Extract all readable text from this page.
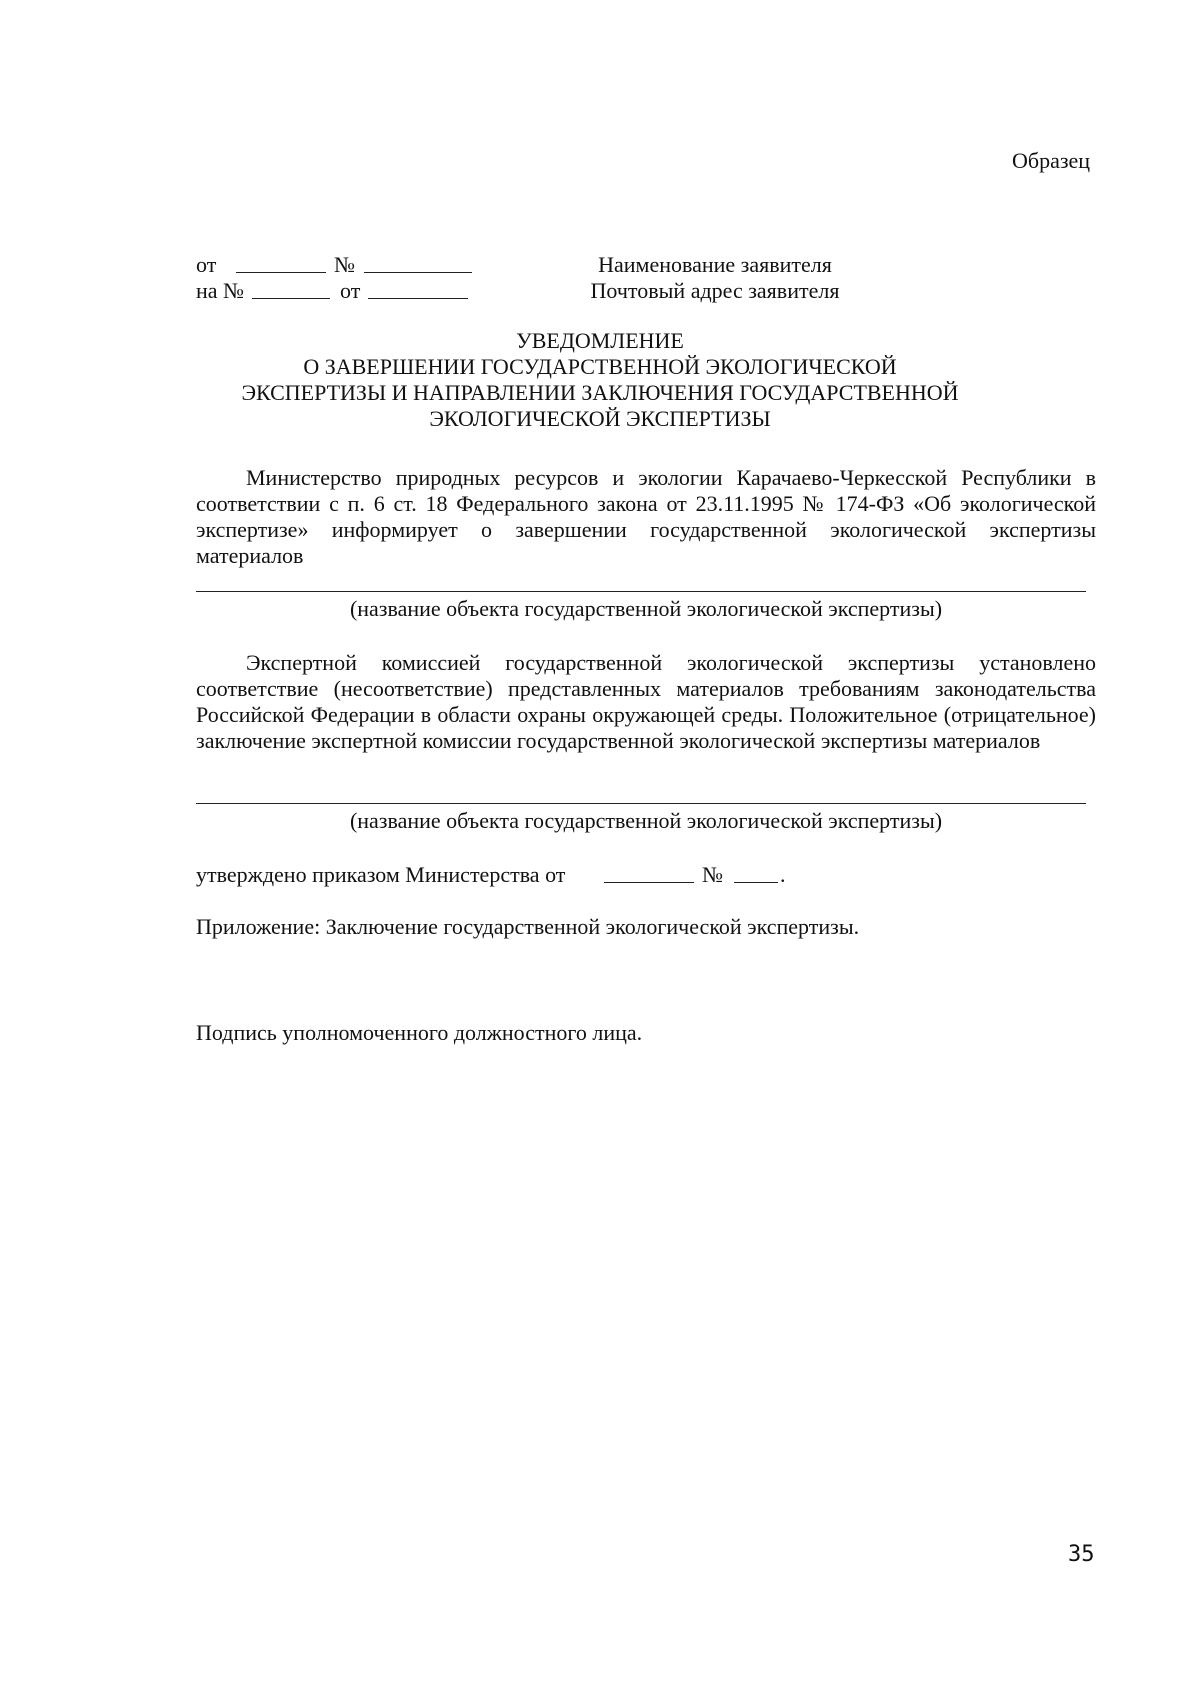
Образец
от	№
на №	от
Наименование заявителя
Почтовый адрес заявителя
УВЕДОМЛЕНИЕ
О ЗАВЕРШЕНИИ ГОСУДАРСТВЕННОЙ ЭКОЛОГИЧЕСКОЙ
ЭКСПЕРТИЗЫ И НАПРАВЛЕНИИ ЗАКЛЮЧЕНИЯ ГОСУДАРСТВЕННОЙ
ЭКОЛОГИЧЕСКОЙ ЭКСПЕРТИЗЫ
Министерство природных ресурсов и экологии Карачаево-Черкесской Республики в соответствии с п. 6 ст. 18 Федерального закона от 23.11.1995 № 174-ФЗ «Об экологической экспертизе» информирует о завершении государственной экологической экспертизы материалов
(название объекта государственной экологической экспертизы)
Экспертной комиссией государственной экологической экспертизы установлено соответствие (несоответствие) представленных материалов требованиям законодательства Российской Федерации в области охраны окружающей среды. Положительное (отрицательное) заключение экспертной комиссии государственной экологической экспертизы материалов
(название объекта государственной экологической экспертизы)
утверждено приказом Министерства от	№	.
Приложение: Заключение государственной экологической экспертизы.
Подпись уполномоченного должностного лица.
35
